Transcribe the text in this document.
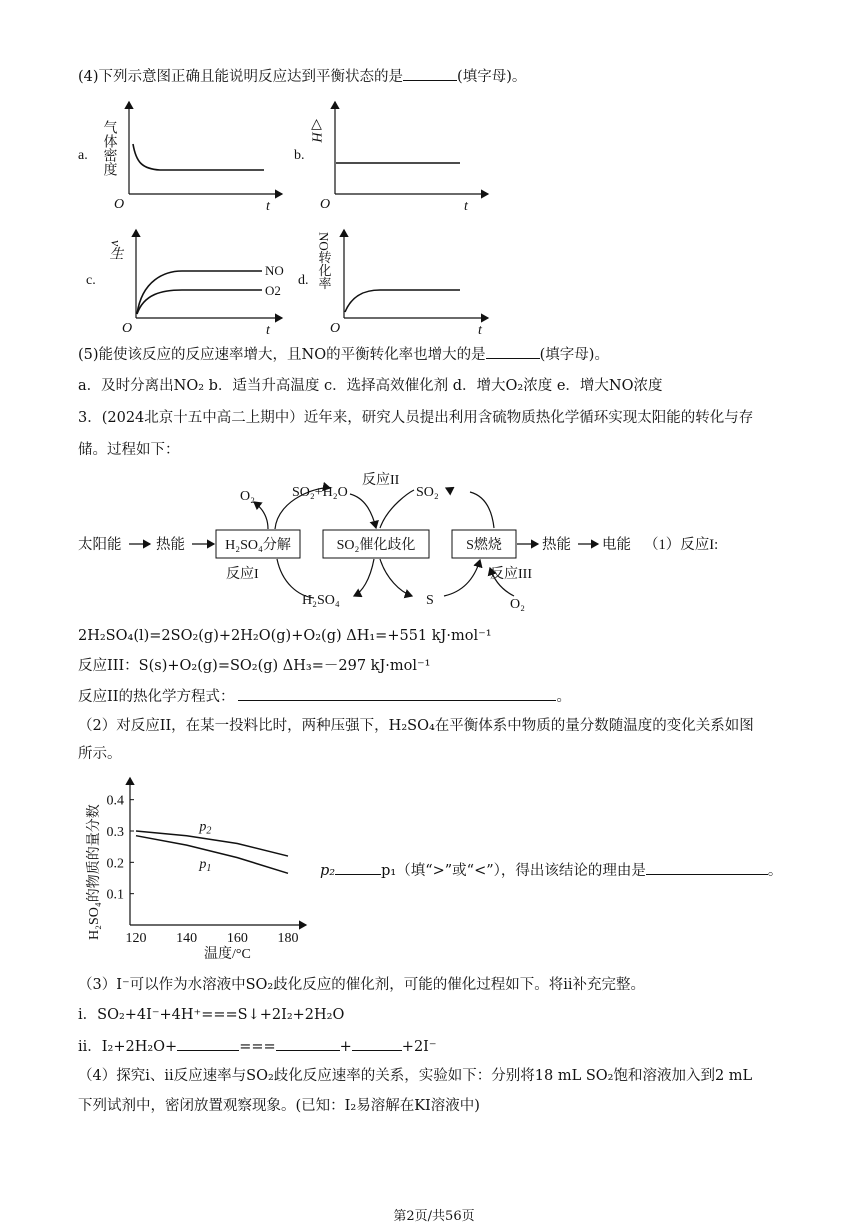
(4)下列示意图正确且能说明反应达到平衡状态的是	(填字母)。
a. 气体密度
O	t
b.
△H
O	t
c.
v生
NO
O2
O	t
d. NO转化率
O	t
(5)能使该反应的反应速率增大，且NO的平衡转化率也增大的是	(填字母)。
a．及时分离出NO₂ b．适当升高温度 c．选择高效催化剂 d．增大O₂浓度 e．增大NO浓度
3．(2024北京十五中高二上期中）近年来，研究人员提出利用含硫物质热化学循环实现太阳能的转化与存
储。过程如下：
太阳能 热能	H₂SO₄分解	SO₂催化歧化	S燃烧	热能 电能 （1）反应I:
O₂	SO₂+H₂O
反应II
SO₂
反应I
H₂SO₄	S
反应III
O₂
2H₂SO₄(l)=2SO₂(g)+2H₂O(g)+O₂(g) ΔH₁=+551 kJ·mol⁻¹
反应III：S(s)+O₂(g)=SO₂(g) ΔH₃=－297 kJ·mol⁻¹
反应II的热化学方程式：	。
（2）对反应II，在某一投料比时，两种压强下，H₂SO₄在平衡体系中物质的量分数随温度的变化关系如图
所示。
H₂SO₄的物质的量分数 0.1
0.2
0.3
0.4
120 140 160 180
$p_2$
$p_1$
温度/°C
p₂	p₁（填“>”或“<”），得出该结论的理由是	。
（3）I⁻可以作为水溶液中SO₂歧化反应的催化剂，可能的催化过程如下。将ii补充完整。
i．SO₂+4I⁻+4H⁺===S↓+2I₂+2H₂O
ii．I₂+2H₂O+	===	+	+2I⁻
（4）探究i、ii反应速率与SO₂歧化反应速率的关系，实验如下：分别将18 mL SO₂饱和溶液加入到2 mL
下列试剂中，密闭放置观察现象。(已知：I₂易溶解在KI溶液中)
第2页/共56页
